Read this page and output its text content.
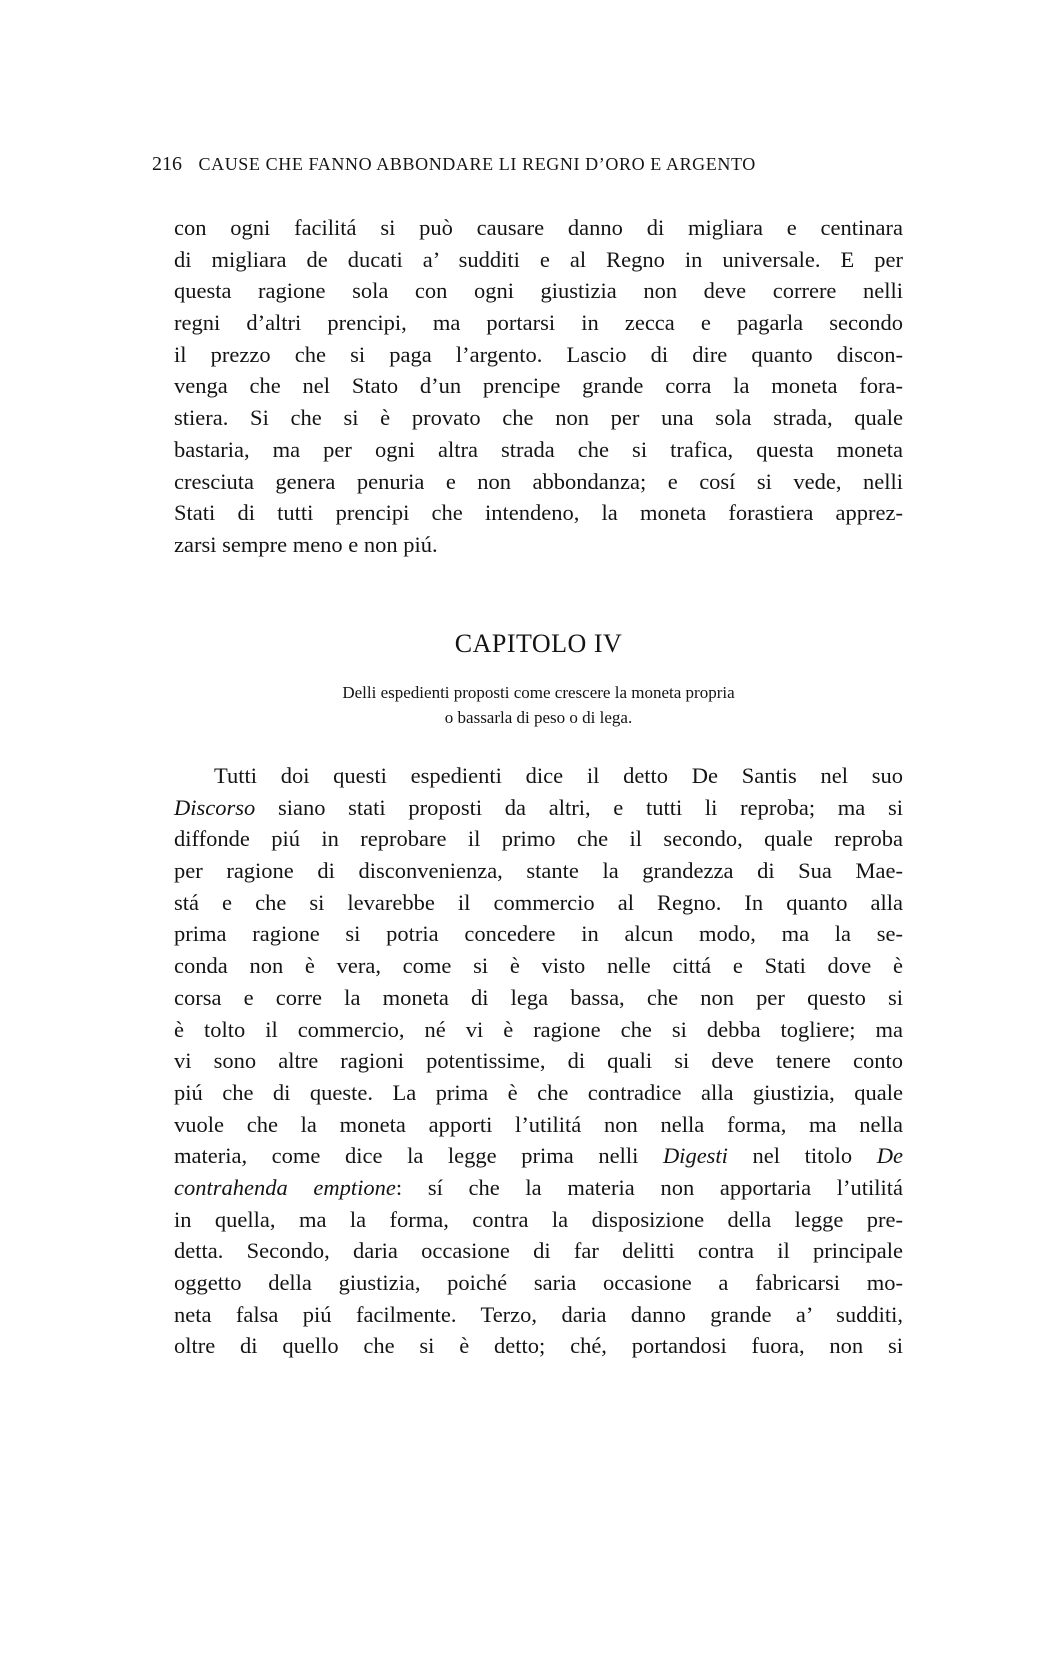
216 CAUSE CHE FANNO ABBONDARE LI REGNI D’ORO E ARGENTO
con ogni facilitá si può causare danno di migliara e centinara
di migliara de ducati a’ sudditi e al Regno in universale. E per
questa ragione sola con ogni giustizia non deve correre nelli
regni d’altri prencipi, ma portarsi in zecca e pagarla secondo
il prezzo che si paga l’argento. Lascio di dire quanto discon-
venga che nel Stato d’un prencipe grande corra la moneta fora-
stiera. Si che si è provato che non per una sola strada, quale
bastaria, ma per ogni altra strada che si trafica, questa moneta
cresciuta genera penuria e non abbondanza; e cosí si vede, nelli
Stati di tutti prencipi che intendeno, la moneta forastiera apprez-
zarsi sempre meno e non piú.
CAPITOLO IV
Delli espedienti proposti come crescere la moneta propria
o bassarla di peso o di lega.
Tutti doi questi espedienti dice il detto De Santis nel suo
Discorso siano stati proposti da altri, e tutti li reproba; ma si
diffonde piú in reprobare il primo che il secondo, quale reproba
per ragione di disconvenienza, stante la grandezza di Sua Mae-
stá e che si levarebbe il commercio al Regno. In quanto alla
prima ragione si potria concedere in alcun modo, ma la se-
conda non è vera, come si è visto nelle cittá e Stati dove è
corsa e corre la moneta di lega bassa, che non per questo si
è tolto il commercio, né vi è ragione che si debba togliere; ma
vi sono altre ragioni potentissime, di quali si deve tenere conto
piú che di queste. La prima è che contradice alla giustizia, quale
vuole che la moneta apporti l’utilitá non nella forma, ma nella
materia, come dice la legge prima nelli Digesti nel titolo De
contrahenda emptione: sí che la materia non apportaria l’utilitá
in quella, ma la forma, contra la disposizione della legge pre-
detta. Secondo, daria occasione di far delitti contra il principale
oggetto della giustizia, poiché saria occasione a fabricarsi mo-
neta falsa piú facilmente. Terzo, daria danno grande a’ sudditi,
oltre di quello che si è detto; ché, portandosi fuora, non si
